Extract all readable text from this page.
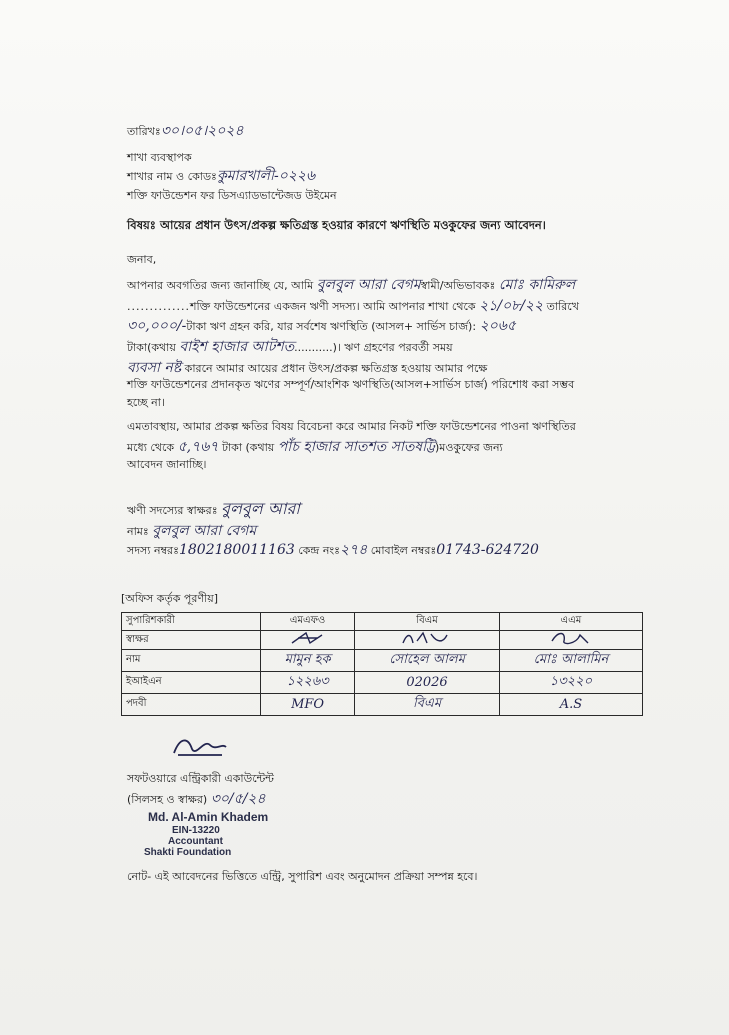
তারিখঃ৩০।০৫।২০২৪
শাখা ব্যবস্থাপক
শাখার নাম ও কোডঃকুমারখালী-০২২৬
শক্তি ফাউন্ডেশন ফর ডিসএ্যাডভান্টেজড উইমেন
বিষয়ঃ আয়ের প্রধান উৎস/প্রকল্প ক্ষতিগ্রস্ত হওয়ার কারণে ঋণস্থিতি মওকুফের জন্য আবেদন।
জনাব,
আপনার অবগতির জন্য জানাচ্ছি যে, আমি বুলবুল আরা বেগমস্বামী/অভিভাবকঃ মোঃ কামিরুল
..............শক্তি ফাউন্ডেশনের একজন ঋণী সদস্য। আমি আপনার শাখা থেকে ২১/০৮/২২ তারিখে
৩০,০০০/-টাকা ঋণ গ্রহন করি, যার সর্বশেষ ঋণস্থিতি (আসল+ সার্ভিস চার্জ): ২০৬৫
টাকা(কথায় বাইশ হাজার আটশত...........)। ঋণ গ্রহণের পরবর্তী সময়
ব্যবসা নষ্ট কারনে আমার আয়ের প্রধান উৎস/প্রকল্প ক্ষতিগ্রস্ত হওয়ায় আমার পক্ষে
শক্তি ফাউন্ডেশনের প্রদানকৃত ঋণের সম্পূর্ণ/আংশিক ঋণস্থিতি(আসল+সার্ভিস চার্জ) পরিশোধ করা সম্ভব
হচ্ছে না।
এমতাবস্থায়, আমার প্রকল্প ক্ষতির বিষয় বিবেচনা করে আমার নিকট শক্তি ফাউন্ডেশনের পাওনা ঋণস্থিতির
মধ্যে থেকে ৫,৭৬৭ টাকা (কথায় পাঁচ হাজার সাতশত সাতষট্টি)মওকুফের জন্য
আবেদন জানাচ্ছি।
ঋণী সদস্যের স্বাক্ষরঃ বুলবুল আরা
নামঃ বুলবুল আরা বেগম
সদস্য নম্বরঃ1802180011163 কেন্দ্র নংঃ২৭৪ মোবাইল নম্বরঃ01743-624720
[অফিস কর্তৃক পূরণীয়]
সুপারিশকারী	এমএফও	বিএম	এএম
স্বাক্ষর			
নাম	মামুন হক	সোহেল আলম	মোঃ আলামিন
ইআইএন	১২২৬৩	02026	১৩২২০
পদবী	MFO	বিএম	A.S
সফটওয়ারে এন্ট্রিকারী একাউন্টেন্ট
(সিলসহ ও স্বাক্ষর) ৩০/৫/২৪
Md. Al-Amin Khadem
EIN-13220
Accountant
Shakti Foundation
নোট- এই আবেদনের ভিত্তিতে এন্ট্রি, সুপারিশ এবং অনুমোদন প্রক্রিয়া সম্পন্ন হবে।
